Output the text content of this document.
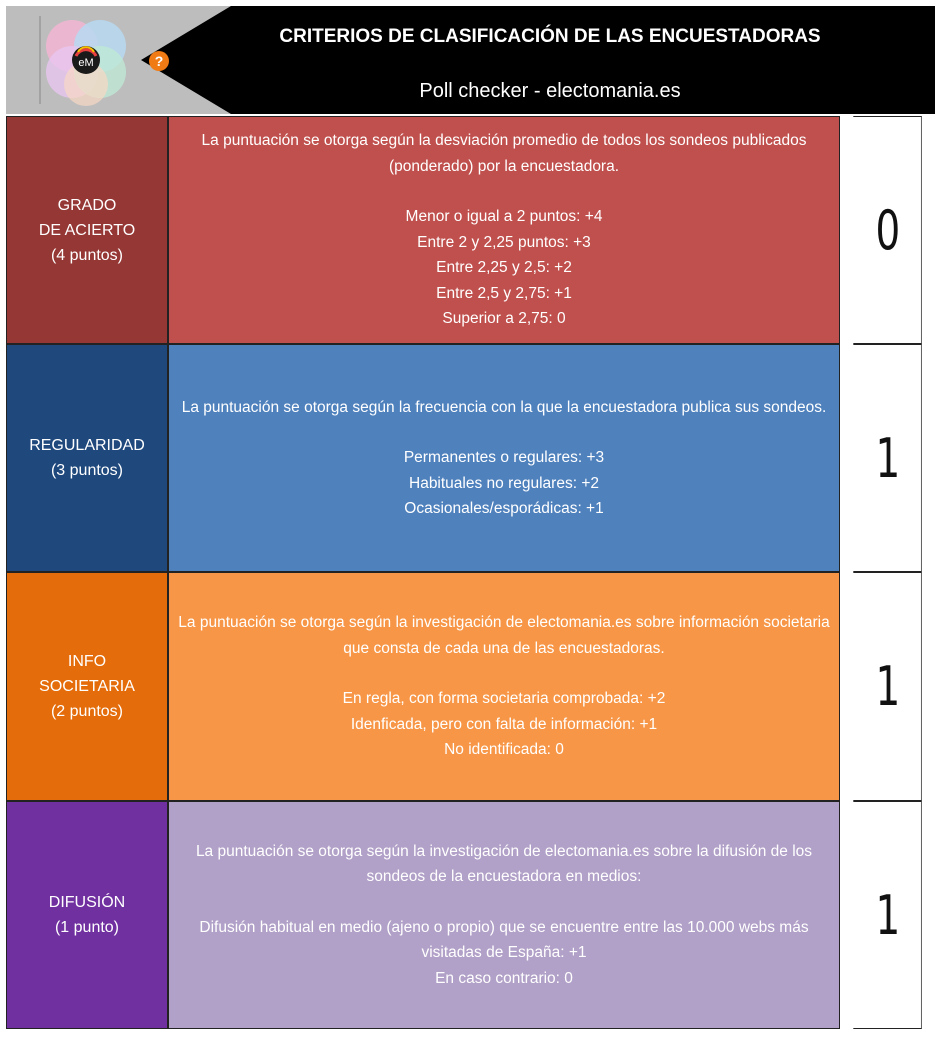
eM	?
CRITERIOS DE CLASIFICACIÓN DE LAS ENCUESTADORAS
Poll checker - electomania.es
GRADO
DE ACIERTO
(4 puntos)
La puntuación se otorga según la desviación promedio de todos los sondeos publicados (ponderado) por la encuestadora.
Menor o igual a 2 puntos: +4
Entre 2 y 2,25 puntos: +3
Entre 2,25 y 2,5: +2
Entre 2,5 y 2,75: +1
Superior a 2,75: 0
0
REGULARIDAD
(3 puntos)
La puntuación se otorga según la frecuencia con la que la encuestadora publica sus sondeos.
Permanentes o regulares: +3
Habituales no regulares: +2
Ocasionales/esporádicas: +1
1
INFO
SOCIETARIA
(2 puntos)
La puntuación se otorga según la investigación de electomania.es sobre información societaria que consta de cada una de las encuestadoras.
En regla, con forma societaria comprobada: +2
Idenficada, pero con falta de información: +1
No identificada: 0
1
DIFUSIÓN
(1 punto)
La puntuación se otorga según la investigación de electomania.es sobre la difusión de los sondeos de la encuestadora en medios:
Difusión habitual en medio (ajeno o propio) que se encuentre entre las 10.000 webs más visitadas de España: +1
En caso contrario: 0
1
